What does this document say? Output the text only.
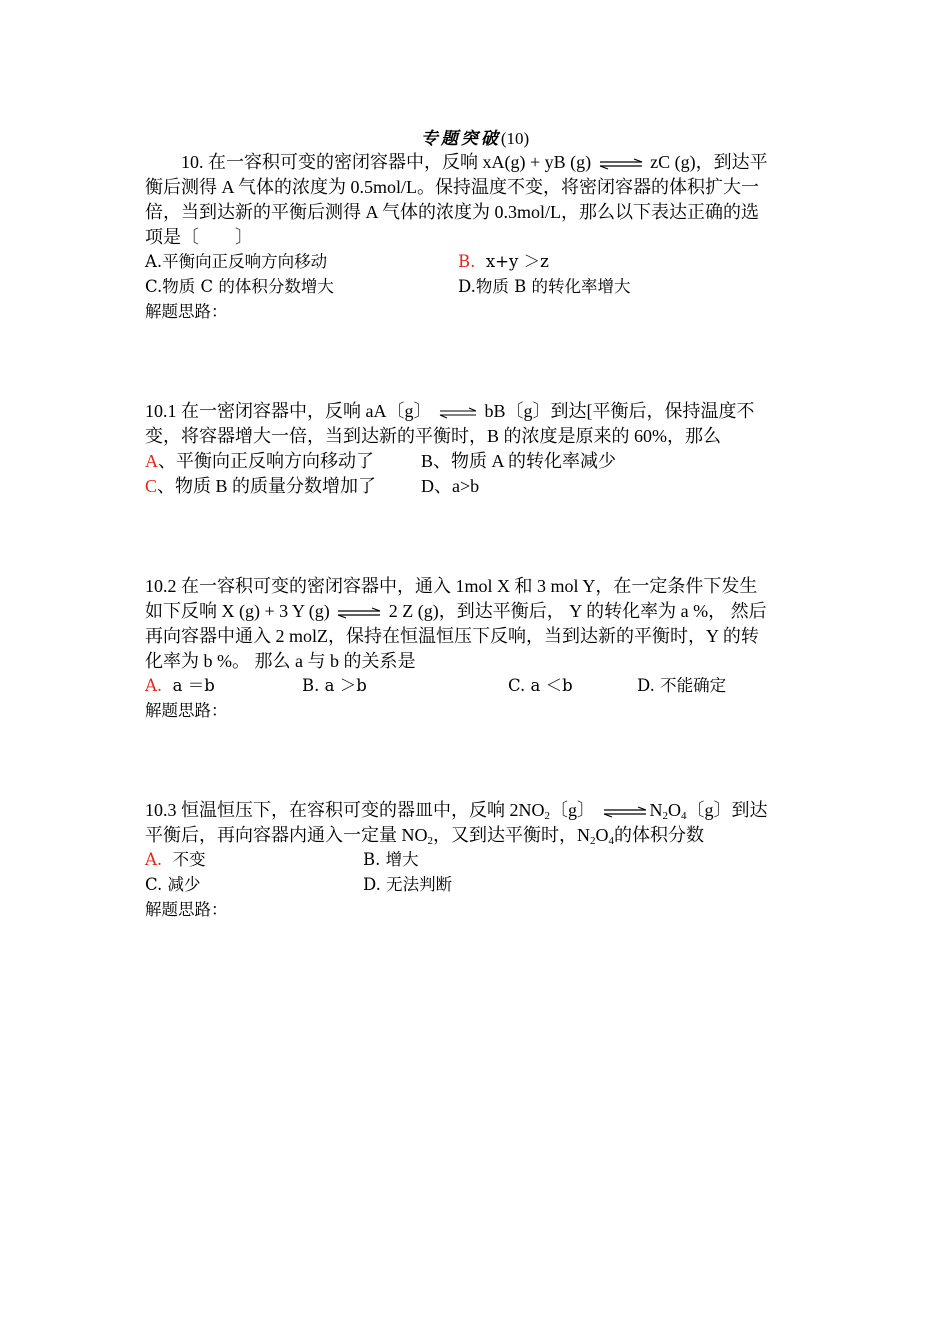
专题突破(10)
10. 在一容积可变的密闭容器中，反响 xA(g) + yB (g) ⇌ zC (g)，到达平
衡后测得 A 气体的浓度为 0.5mol/L。保持温度不变，将密闭容器的体积扩大一
倍，当到达新的平衡后测得 A 气体的浓度为 0.3mol/L，那么以下表达正确的选
项是〔　　〕
A.平衡向正反响方向移动	B. x+y ＞z
C.物质 C 的体积分数增大	D.物质 B 的转化率增大
解题思路：
10.1 在一密闭容器中，反响 aA〔g〕 ⇌ bB〔g〕到达[平衡后，保持温度不
变，将容器增大一倍，当到达新的平衡时，B 的浓度是原来的 60%，那么
A、平衡向正反响方向移动了	B、物质 A 的转化率减少
C、物质 B 的质量分数增加了 D、a>b
10.2 在一容积可变的密闭容器中，通入 1mol X 和 3 mol Y，在一定条件下发生
如下反响 X (g) + 3 Y (g) ⇌ 2 Z (g)，到达平衡后， Y 的转化率为 a %， 然后
再向容器中通入 2 molZ，保持在恒温恒压下反响，当到达新的平衡时，Y 的转
化率为 b %。 那么 a 与 b 的关系是
A. a ＝b	B. a ＞b	C. a ＜b	D. 不能确定
解题思路：
10.3 恒温恒压下，在容积可变的器皿中，反响 $2NO_2$〔g〕 ⇌ $N_2O_4$〔g〕到达
平衡后，再向容器内通入一定量 $NO_2$，又到达平衡时，$N_2O_4$的体积分数
A. 不变	B. 增大
C. 减少	D. 无法判断
解题思路：
